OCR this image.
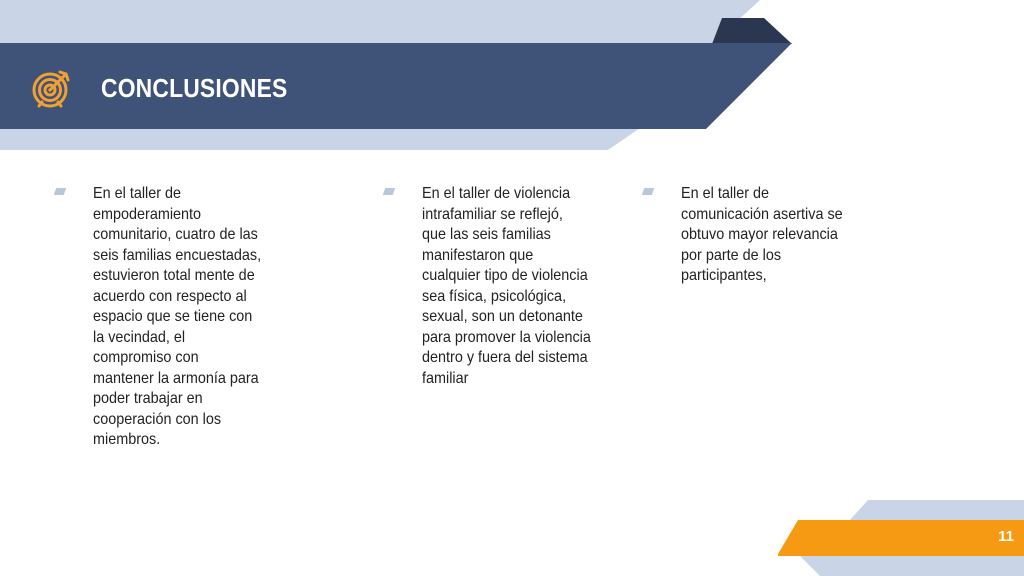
CONCLUSIONES
En el taller de
empoderamiento
comunitario, cuatro de las
seis familias encuestadas,
estuvieron total mente de
acuerdo con respecto al
espacio que se tiene con
la vecindad, el
compromiso con
mantener la armonía para
poder trabajar en
cooperación con los
miembros.
En el taller de violencia
intrafamiliar se reflejó,
que las seis familias
manifestaron que
cualquier tipo de violencia
sea física, psicológica,
sexual, son un detonante
para promover la violencia
dentro y fuera del sistema
familiar
En el taller de
comunicación asertiva se
obtuvo mayor relevancia
por parte de los
participantes,
11
